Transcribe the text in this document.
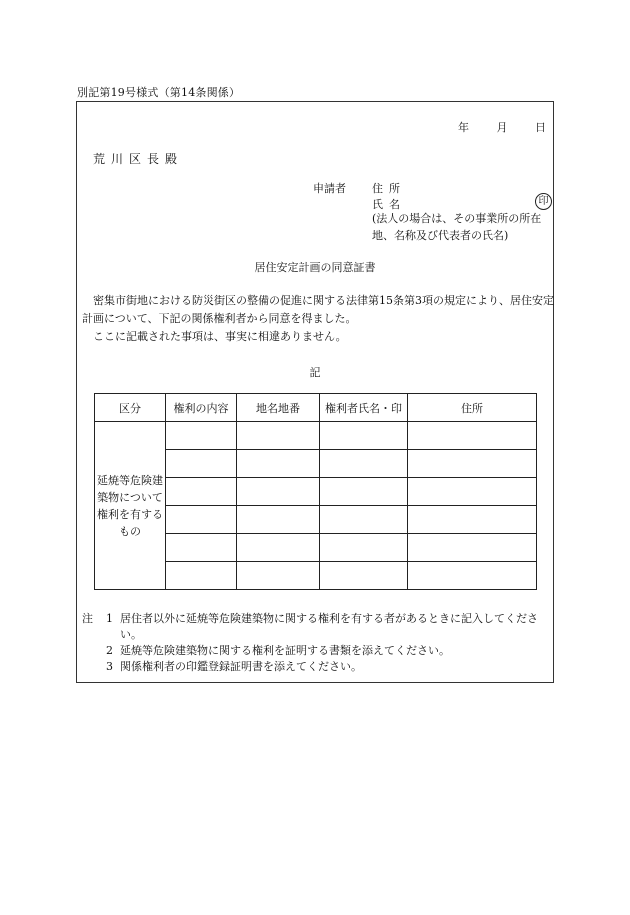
別記第19号様式（第14条関係）
年	月	日
荒川区長殿
申請者 住所
氏名	印
(法人の場合は、その事業所の所在地、名称及び代表者の氏名)
居住安定計画の同意証書

密集市街地における防災街区の整備の促進に関する法律第15条第3項の規定により、居住安定計画について、下記の関係権利者から同意を得ました。

ここに記載された事項は、事実に相違ありません。

記
区分	権利の内容	地名地番	権利者氏名・印	住所
延焼等危険建築物について権利を有するもの				

注	1 居住者以外に延焼等危険建築物に関する権利を有する者があるときに記入してください。
2 延焼等危険建築物に関する権利を証明する書類を添えてください。
3 関係権利者の印鑑登録証明書を添えてください。
